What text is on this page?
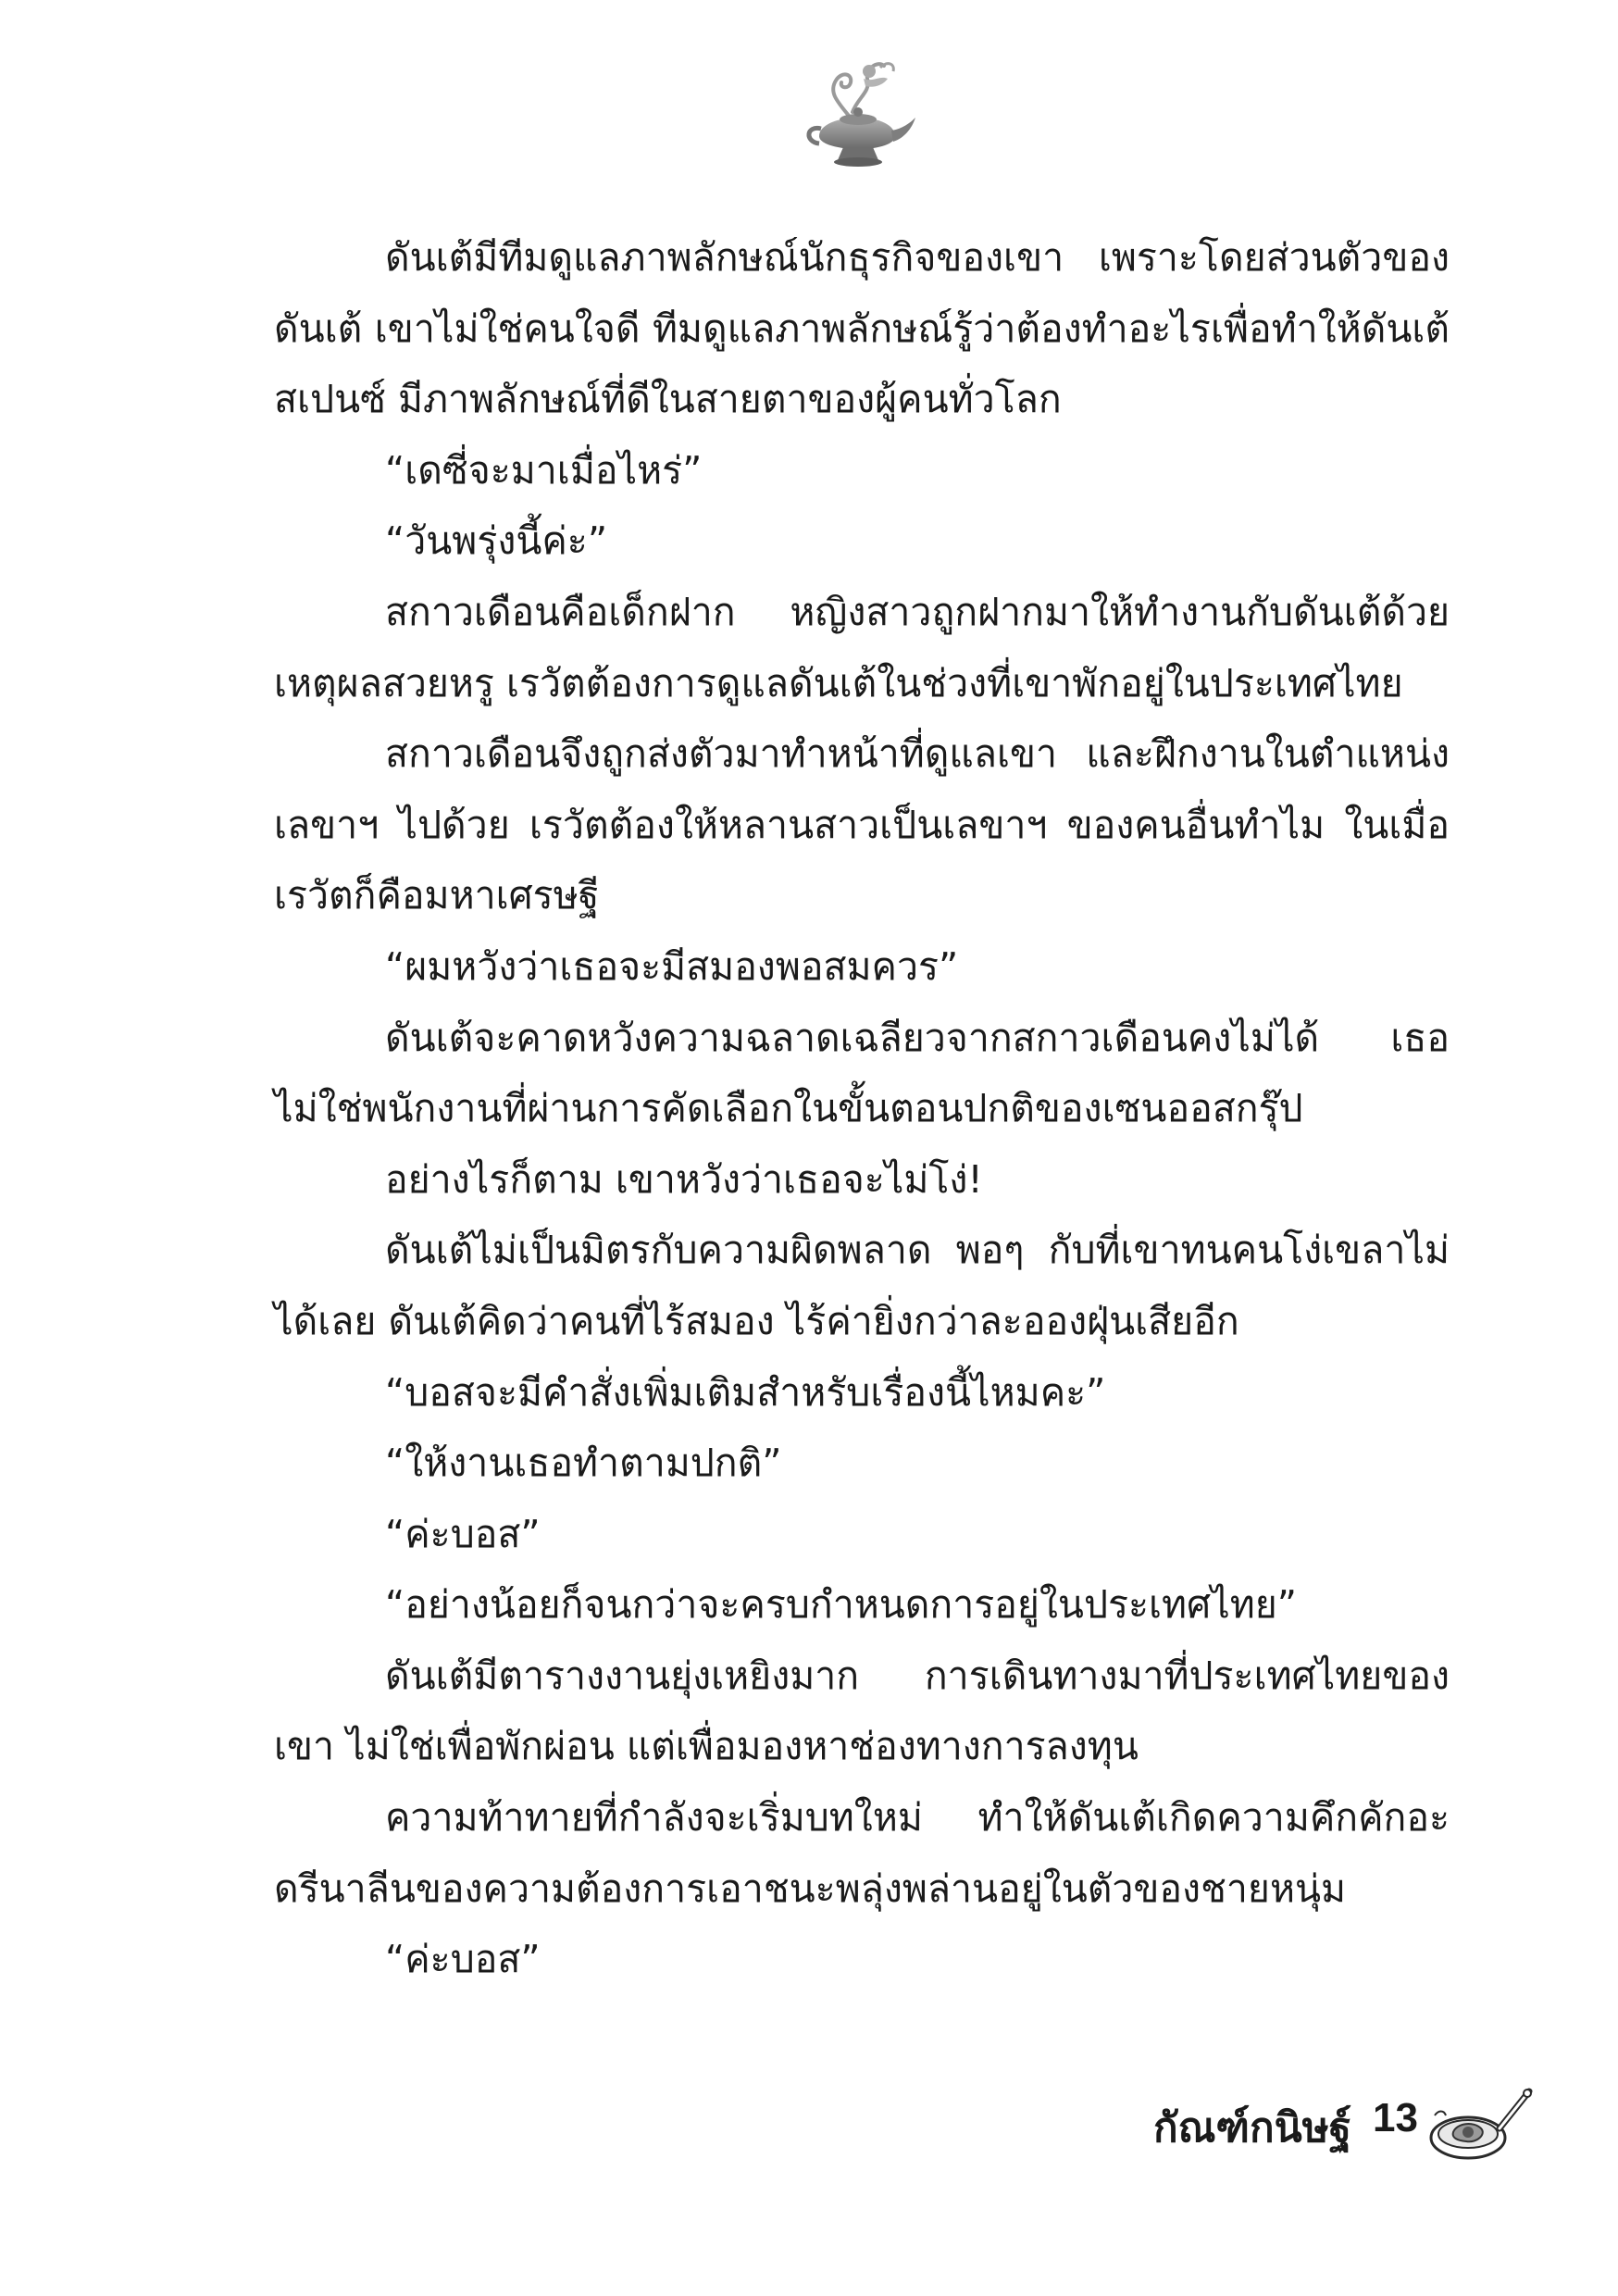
ดันเต้มีทีมดูแลภาพลักษณ์นักธุรกิจของเขา เพราะโดยส่วนตัวของดันเต้ เขาไม่ใช่คนใจดี ทีมดูแลภาพลักษณ์รู้ว่าต้องทำอะไรเพื่อทำให้ดันเต้ สเปนซ์ มีภาพลักษณ์ที่ดีในสายตาของผู้คนทั่วโลก

“เดซี่จะมาเมื่อไหร่”

“วันพรุ่งนี้ค่ะ”

สกาวเดือนคือเด็กฝาก หญิงสาวถูกฝากมาให้ทำงานกับดันเต้ด้วยเหตุผลสวยหรู เรวัตต้องการดูแลดันเต้ในช่วงที่เขาพักอยู่ในประเทศไทย

สกาวเดือนจึงถูกส่งตัวมาทำหน้าที่ดูแลเขา และฝึกงานในตำแหน่งเลขาฯ ไปด้วย เรวัตต้องให้หลานสาวเป็นเลขาฯ ของคนอื่นทำไม ในเมื่อเรวัตก็คือมหาเศรษฐี

“ผมหวังว่าเธอจะมีสมองพอสมควร”

ดันเต้จะคาดหวังความฉลาดเฉลียวจากสกาวเดือนคงไม่ได้ เธอไม่ใช่พนักงานที่ผ่านการคัดเลือกในขั้นตอนปกติของเซนออสกรุ๊ป

อย่างไรก็ตาม เขาหวังว่าเธอจะไม่โง่!

ดันเต้ไม่เป็นมิตรกับความผิดพลาด พอๆ กับที่เขาทนคนโง่เขลาไม่ได้เลย ดันเต้คิดว่าคนที่ไร้สมอง ไร้ค่ายิ่งกว่าละอองฝุ่นเสียอีก

“บอสจะมีคำสั่งเพิ่มเติมสำหรับเรื่องนี้ไหมคะ”

“ให้งานเธอทำตามปกติ”

“ค่ะบอส”

“อย่างน้อยก็จนกว่าจะครบกำหนดการอยู่ในประเทศไทย”

ดันเต้มีตารางงานยุ่งเหยิงมาก การเดินทางมาที่ประเทศไทยของเขา ไม่ใช่เพื่อพักผ่อน แต่เพื่อมองหาช่องทางการลงทุน

ความท้าทายที่กำลังจะเริ่มบทใหม่ ทำให้ดันเต้เกิดความคึกคักอะดรีนาลีนของความต้องการเอาชนะพลุ่งพล่านอยู่ในตัวของชายหนุ่ม

“ค่ะบอส”

กัณฑ์กนิษฐ์ 13
